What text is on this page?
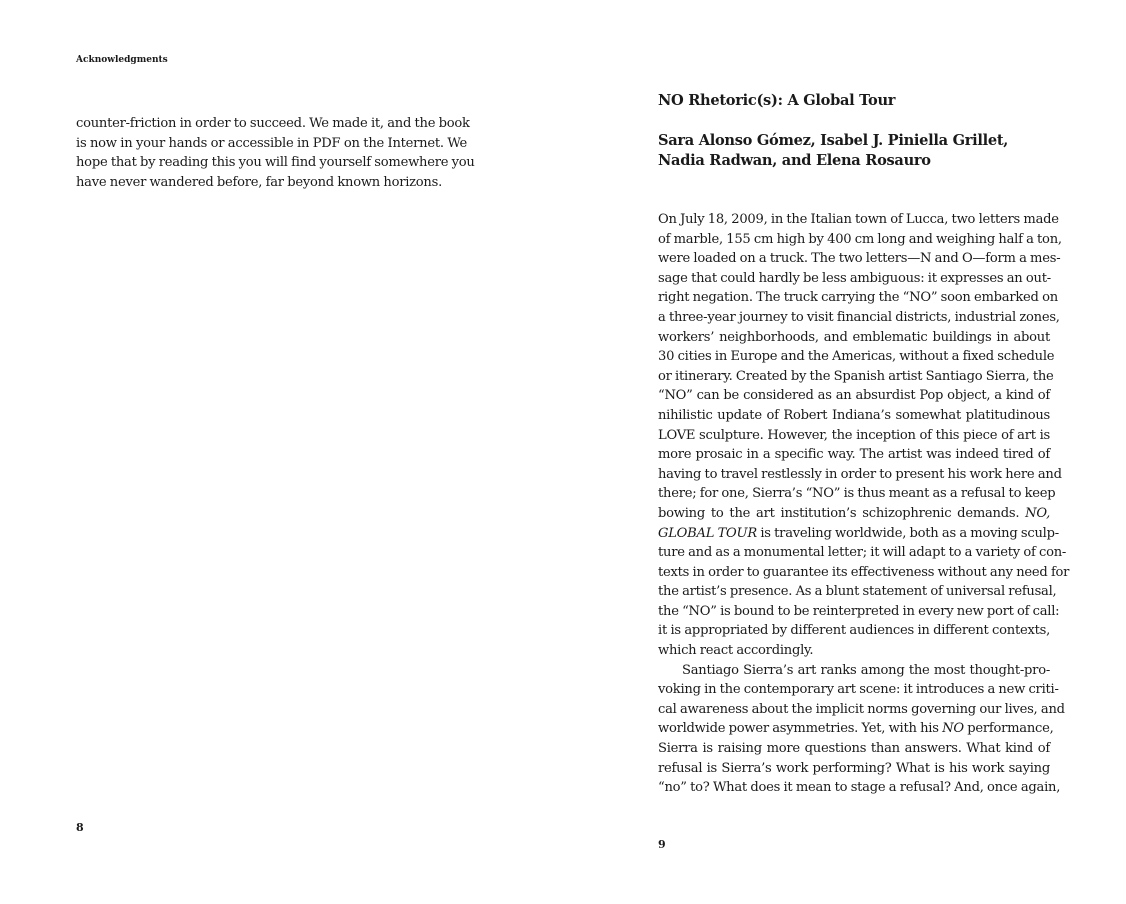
Acknowledgments
counter-friction in order to succeed. We made it, and the book
is now in your hands or accessible in PDF on the Internet. We
hope that by reading this you will find yourself somewhere you
have never wandered before, far beyond known horizons.
8
NO Rhetoric(s): A Global Tour
Sara Alonso Gómez, Isabel J. Piniella Grillet,
Nadia Radwan, and Elena Rosauro
On July 18, 2009, in the Italian town of Lucca, two letters made
of marble, 155 cm high by 400 cm long and weighing half a ton,
were loaded on a truck. The two letters—N and O—form a mes-
sage that could hardly be less ambiguous: it expresses an out-
right negation. The truck carrying the “NO” soon embarked on
a three-year journey to visit financial districts, industrial zones,
workers’ neighborhoods, and emblematic buildings in about
30 cities in Europe and the Americas, without a fixed schedule
or itinerary. Created by the Spanish artist Santiago Sierra, the
“NO” can be considered as an absurdist Pop object, a kind of
nihilistic update of Robert Indiana’s somewhat platitudinous
LOVE sculpture. However, the inception of this piece of art is
more prosaic in a specific way. The artist was indeed tired of
having to travel restlessly in order to present his work here and
there; for one, Sierra’s “NO” is thus meant as a refusal to keep
bowing to the art institution’s schizophrenic demands. NO,
GLOBAL TOUR is traveling worldwide, both as a moving sculp-
ture and as a monumental letter; it will adapt to a variety of con-
texts in order to guarantee its effectiveness without any need for
the artist’s presence. As a blunt statement of universal refusal,
the “NO” is bound to be reinterpreted in every new port of call:
it is appropriated by different audiences in different contexts,
which react accordingly.
Santiago Sierra’s art ranks among the most thought-pro-
voking in the contemporary art scene: it introduces a new criti-
cal awareness about the implicit norms governing our lives, and
worldwide power asymmetries. Yet, with his NO performance,
Sierra is raising more questions than answers. What kind of
refusal is Sierra’s work performing? What is his work saying
“no” to? What does it mean to stage a refusal? And, once again,
9
